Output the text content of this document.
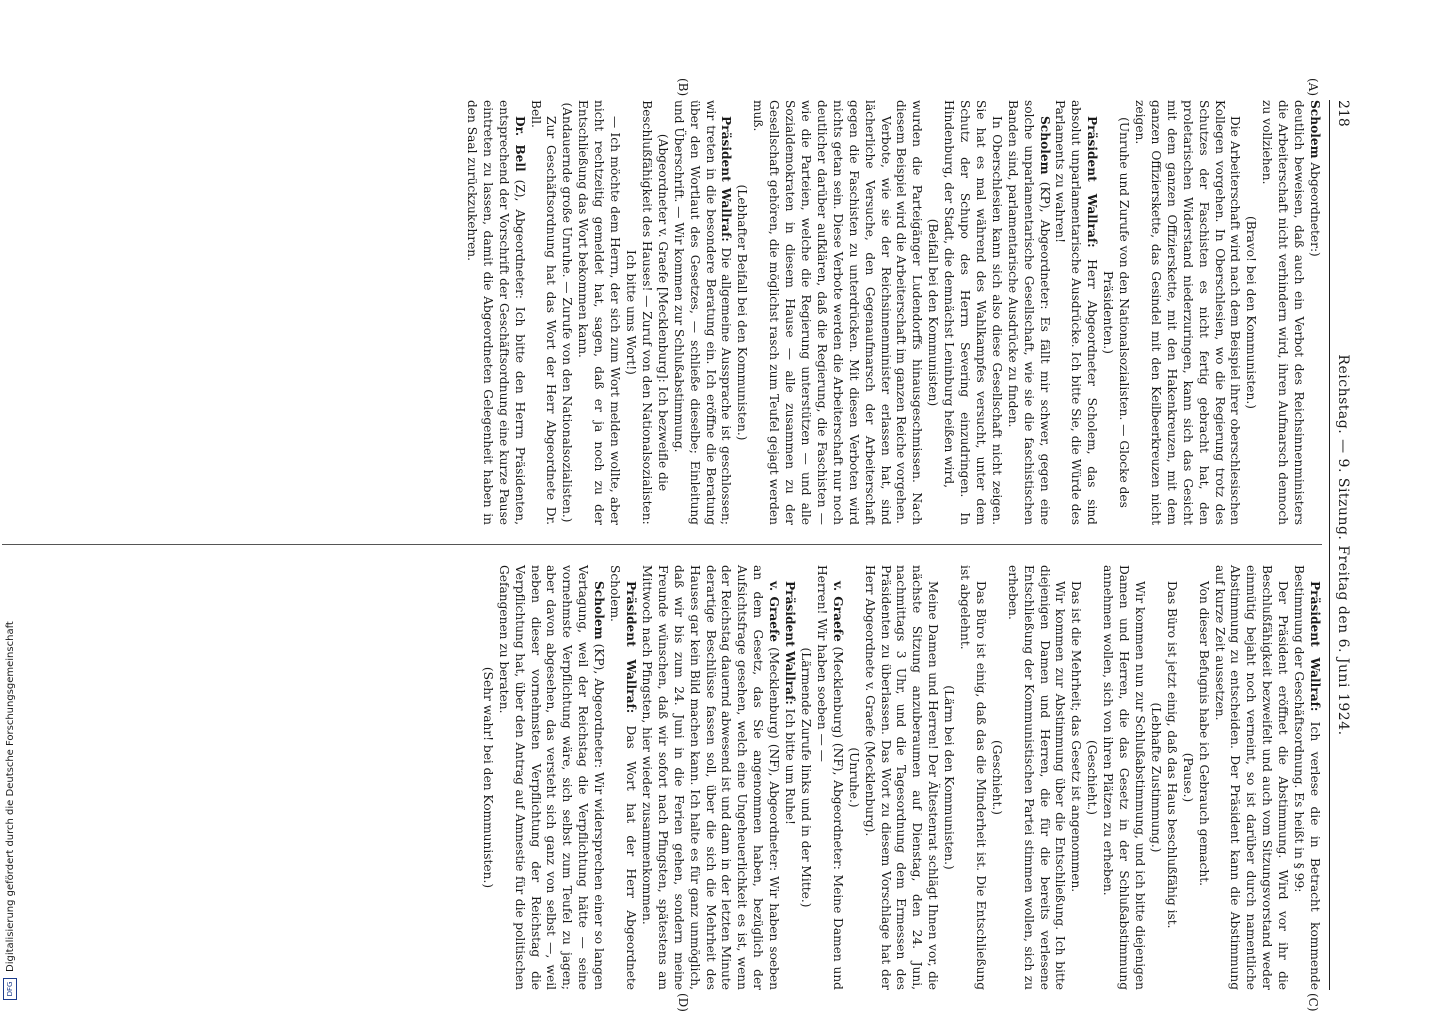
218
Reichstag. — 9. Sitzung. Freitag den 6. Juni 1924.
(A)
(B)
(C)
(D)

Scholem Abgeordneter:)

deutlich beweisen, daß auch ein Verbot des Reichsinnenministers die Arbeiterschaft nicht verhindern wird, ihren Aufmarsch dennoch zu vollziehen.

(Bravo! bei den Kommunisten.)

Die Arbeiterschaft wird nach dem Beispiel ihrer oberschlesischen Kollegen vorgehen. In Oberschlesien, wo die Regierung trotz des Schutzes der Faschisten es nicht fertig gebracht hat, den proletarischen Widerstand niederzuringen, kann sich das Gesicht mit dem ganzen Offizierskette, mit den Hakenkreuzen, mit dem ganzen Offizierskette, das Gesindel mit den Keilbeerkreuzen nicht zeigen.

(Unruhe und Zurufe von den Nationalsozialisten. — Glocke des Präsidenten.)

Präsident Wallraf: Herr Abgeordneter Scholem, das sind absolut unparlamentarische Ausdrücke. Ich bitte Sie, die Würde des Parlaments zu wahren!

Scholem (KP), Abgeordneter: Es fällt mir schwer, gegen eine solche unparlamentarische Gesellschaft, wie sie die faschistischen Banden sind, parlamentarische Ausdrücke zu finden.

In Oberschlesien kann sich also diese Gesellschaft nicht zeigen. Sie hat es mal während des Wahlkampfes versucht, unter dem Schutz der Schupo des Herrn Severing einzudringen. In Hindenburg, der Stadt, die demnächst Leninburg heißen wird,

(Beifall bei den Kommunisten)

wurden die Parteigänger Ludendorffs hinausgeschmissen. Nach diesem Beispiel wird die Arbeiterschaft im ganzen Reiche vorgehen.

Verbote, wie sie der Reichsinnenminister erlassen hat, sind lächerliche Versuche, den Gegenaufmarsch der Arbeiterschaft gegen die Faschisten zu unterdrücken. Mit diesen Verboten wird nichts getan sein. Diese Verbote werden die Arbeiterschaft nur noch deutlicher darüber aufklären, daß die Regierung, die Faschisten — wie die Parteien, welche die Regierung unterstützen — und alle Sozialdemokraten in diesem Hause — alle zusammen zu der Gesellschaft gehören, die möglichst rasch zum Teufel gejagt werden muß.

(Lebhafter Beifall bei den Kommunisten.)

Präsident Wallraf: Die allgemeine Aussprache ist geschlossen; wir treten in die besondere Beratung ein. Ich eröffne die Beratung über den Wortlaut des Gesetzes, — schließe dieselbe; Einleitung und Überschrift. — Wir kommen zur Schlußabstimmung.

(Abgeordneter v. Graefe [Mecklenburg]: Ich bezweifle die Beschlußfähigkeit des Hauses! — Zuruf von den Nationalsozialisten: Ich bitte ums Wort!)

— Ich möchte dem Herrn, der sich zum Wort melden wollte, aber nicht rechtzeitig gemeldet hat, sagen, daß er ja noch zu der Entschließung das Wort bekommen kann.

(Andauernde große Unruhe. — Zurufe von den Nationalsozialisten.)

Zur Geschäftsordnung hat das Wort der Herr Abgeordnete Dr. Bell.

Dr. Bell (Z), Abgeordneter: Ich bitte den Herrn Präsidenten, entsprechend der Vorschrift der Geschäftsordnung eine kurze Pause eintreten zu lassen, damit die Abgeordneten Gelegenheit haben in den Saal zurückzukehren.

Präsident Wallraf: Ich verlese die in Betracht kommende Bestimmung der Geschäftsordnung. Es heißt in § 99:

Der Präsident eröffnet die Abstimmung. Wird vor ihr die Beschlußfähigkeit bezweifelt und auch vom Sitzungsvorstand weder einmütig bejaht noch verneint, so ist darüber durch namentliche Abstimmung zu entscheiden. Der Präsident kann die Abstimmung auf kurze Zeit aussetzen.

Von dieser Befugnis habe ich Gebrauch gemacht.

(Pause.)

Das Büro ist jetzt einig, daß das Haus beschlußfähig ist.

(Lebhafte Zustimmung.)

Wir kommen nun zur Schlußabstimmung, und ich bitte diejenigen Damen und Herren, die das Gesetz in der Schlußabstimmung annehmen wollen, sich von ihren Plätzen zu erheben.

(Geschieht.)

Das ist die Mehrheit; das Gesetz ist angenommen.

Wir kommen zur Abstimmung über die Entschließung. Ich bitte diejenigen Damen und Herren, die für die bereits verlesene Entschließung der Kommunistischen Partei stimmen wollen, sich zu erheben.

(Geschieht.)

Das Büro ist einig, daß das die Minderheit ist. Die Entschließung ist abgelehnt.

(Lärm bei den Kommunisten.)

Meine Damen und Herren! Der Ältestenrat schlägt Ihnen vor, die nächste Sitzung anzuberaumen auf Dienstag, den 24. Juni, nachmittags 3 Uhr, und die Tagesordnung dem Ermessen des Präsidenten zu überlassen. Das Wort zu diesem Vorschlage hat der Herr Abgeordnete v. Graefe (Mecklenburg).

(Unruhe.)

v. Graefe (Mecklenburg) (NF), Abgeordneter: Meine Damen und Herren! Wir haben soeben — —

(Lärmende Zurufe links und in der Mitte.)

Präsident Wallraf: Ich bitte um Ruhe!

v. Graefe (Mecklenburg) (NF), Abgeordneter: Wir haben soeben an dem Gesetz, das Sie angenommen haben, bezüglich der Aufsichtsfrage gesehen, welch eine Ungeheuerlichkeit es ist, wenn der Reichstag dauernd abwesend ist und dann in der letzten Minute derartige Beschlüsse fassen soll, über die sich die Mehrheit des Hauses gar kein Bild machen kann. Ich halte es für ganz unmöglich, daß wir bis zum 24. Juni in die Ferien gehen, sondern meine Freunde wünschen, daß wir sofort nach Pfingsten, spätestens am Mittwoch nach Pfingsten, hier wieder zusammenkommen.

Präsident Wallraf: Das Wort hat der Herr Abgeordnete Scholem.

Scholem (KP), Abgeordneter: Wir widersprechen einer so langen Vertagung, weil der Reichstag die Verpflichtung hätte — seine vornehmste Verpflichtung wäre, sich selbst zum Teufel zu jagen; aber davon abgesehen, das versteht sich ganz von selbst —, weil neben dieser vornehmsten Verpflichtung der Reichstag die Verpflichtung hat, über den Antrag auf Amnestie für die politischen Gefangenen zu beraten.

(Sehr wahr! bei den Kommunisten.)

DFGDigitalisierung gefördert durch die Deutsche Forschungsgemeinschaft
